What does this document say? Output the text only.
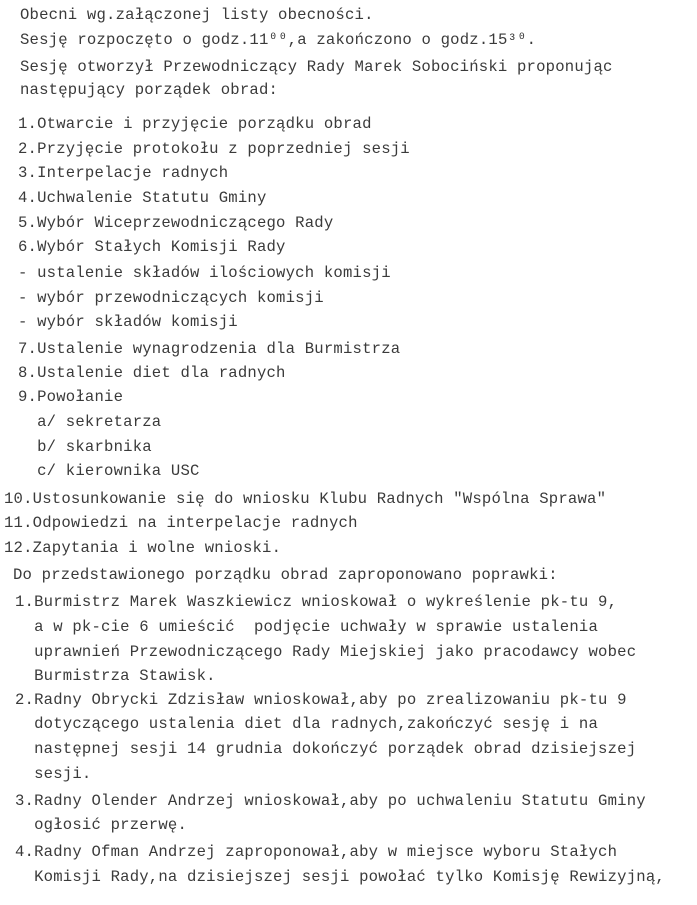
Obecni wg.załączonej listy obecności.
Sesję rozpoczęto o godz.11⁰⁰,a zakończono o godz.15³⁰.
Sesję otworzył Przewodniczący Rady Marek Sobociński proponując
następujący porządek obrad:
1.Otwarcie i przyjęcie porządku obrad
2.Przyjęcie protokołu z poprzedniej sesji
3.Interpelacje radnych
4.Uchwalenie Statutu Gminy
5.Wybór Wiceprzewodniczącego Rady
6.Wybór Stałych Komisji Rady
- ustalenie składów ilościowych komisji
- wybór przewodniczących komisji
- wybór składów komisji
7.Ustalenie wynagrodzenia dla Burmistrza
8.Ustalenie diet dla radnych
9.Powołanie
a/ sekretarza
b/ skarbnika
c/ kierownika USC
10.Ustosunkowanie się do wniosku Klubu Radnych "Wspólna Sprawa"
11.Odpowiedzi na interpelacje radnych
12.Zapytania i wolne wnioski.
Do przedstawionego porządku obrad zaproponowano poprawki:
1.Burmistrz Marek Waszkiewicz wnioskował o wykreślenie pk-tu 9,
a w pk-cie 6 umieścić  podjęcie uchwały w sprawie ustalenia
uprawnień Przewodniczącego Rady Miejskiej jako pracodawcy wobec
Burmistrza Stawisk.
2.Radny Obrycki Zdzisław wnioskował,aby po zrealizowaniu pk-tu 9
dotyczącego ustalenia diet dla radnych,zakończyć sesję i na
następnej sesji 14 grudnia dokończyć porządek obrad dzisiejszej
sesji.
3.Radny Olender Andrzej wnioskował,aby po uchwaleniu Statutu Gminy
ogłosić przerwę.
4.Radny Ofman Andrzej zaproponował,aby w miejsce wyboru Stałych
Komisji Rady,na dzisiejszej sesji powołać tylko Komisję Rewizyjną,
